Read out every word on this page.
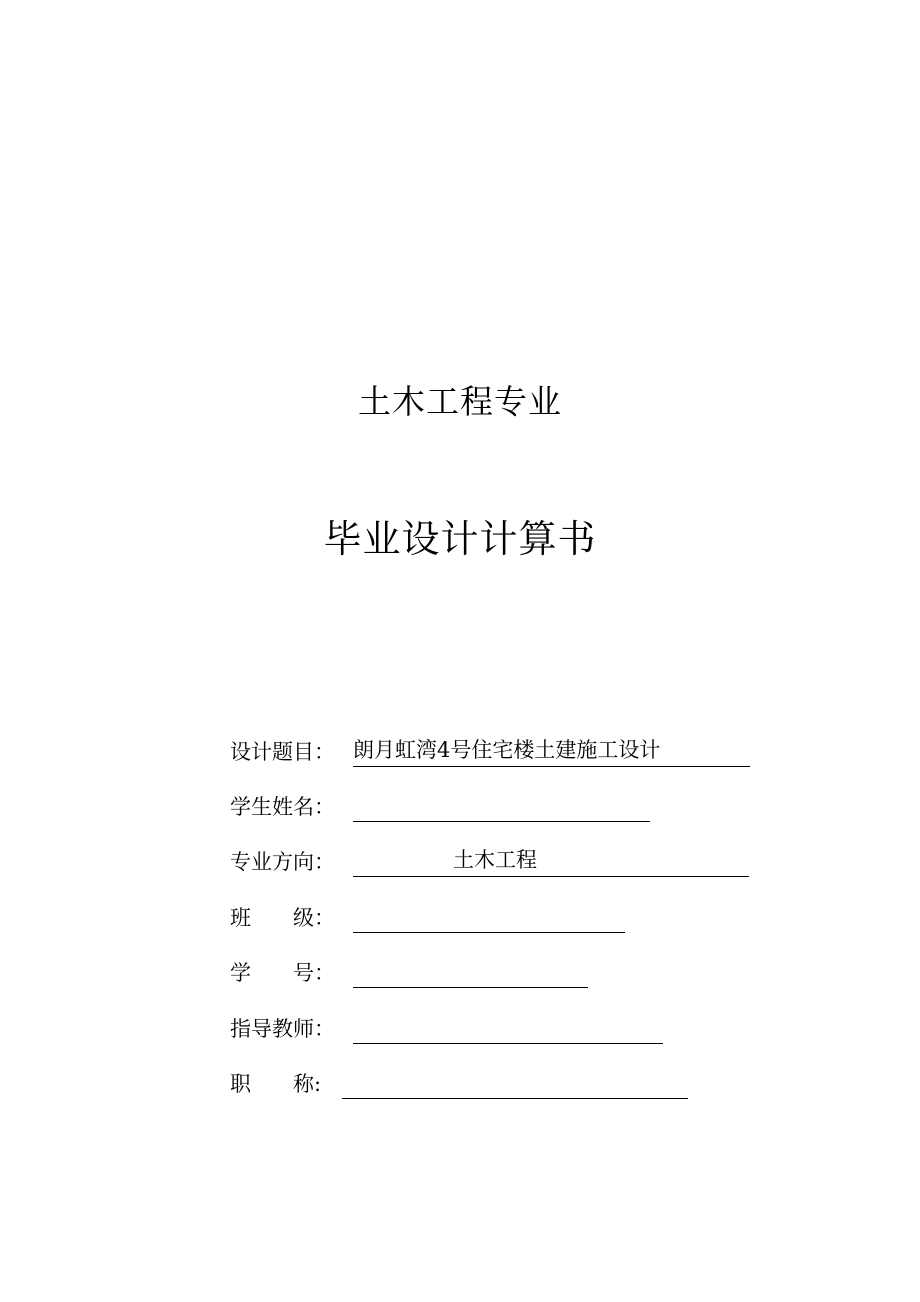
土木工程专业
毕业设计计算书
设计题目： 朗月虹湾4号住宅楼土建施工设计
学生姓名：
专业方向：	土木工程
班　　级：
学　　号：
指导教师：
职　　称:
